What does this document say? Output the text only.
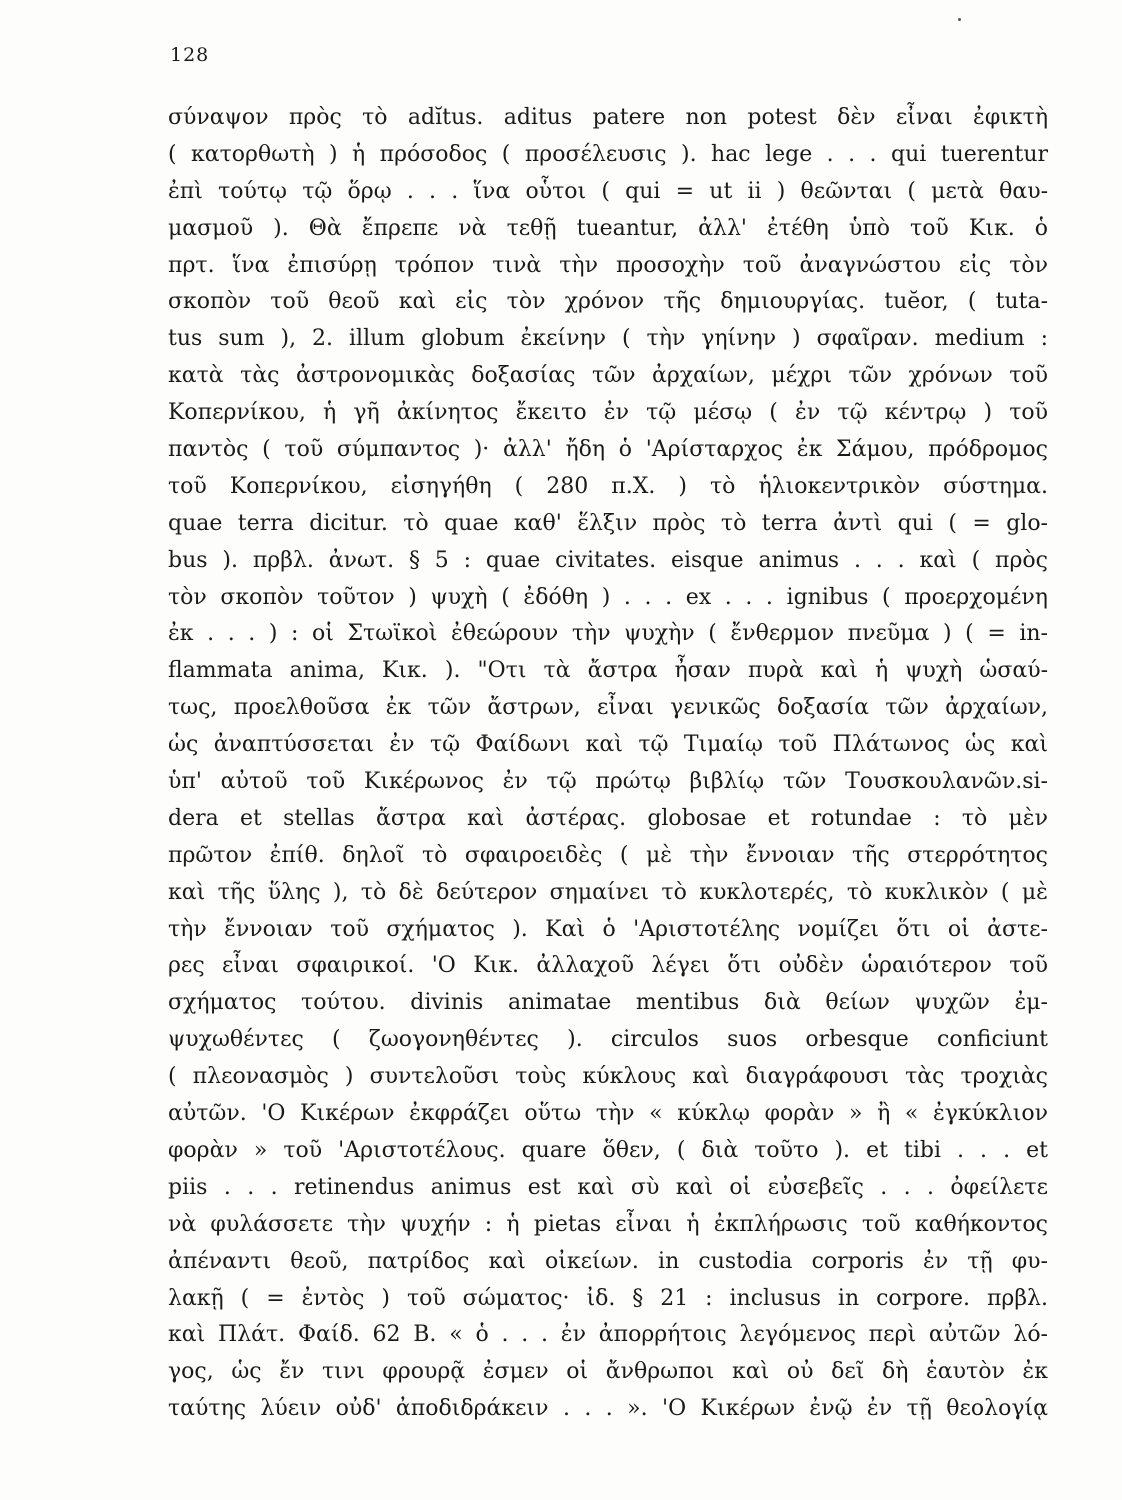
128
σύναψον πρὸς τὸ adĭtus. aditus patere non potest δὲν εἶναι ἐφικτὴ
( κατορθωτὴ ) ἡ πρόσοδος ( προσέλευσις ). hac lege . . . qui tuerentur
ἐπὶ τούτῳ τῷ ὅρῳ . . . ἵνα οὗτοι ( qui = ut ii ) θεῶνται ( μετὰ θαυ-
μασμοῦ ). Θὰ ἔπρεπε νὰ τεθῇ tueantur, ἀλλ' ἐτέθη ὑπὸ τοῦ Κικ. ὁ
πρτ. ἵνα ἐπισύρῃ τρόπον τινὰ τὴν προσοχὴν τοῦ ἀναγνώστου εἰς τὸν
σκοπὸν τοῦ θεοῦ καὶ εἰς τὸν χρόνον τῆς δημιουργίας. tuĕor, ( tuta-
tus sum ), 2. illum globum ἐκείνην ( τὴν γηίνην ) σφαῖραν. medium :
κατὰ τὰς ἀστρονομικὰς δοξασίας τῶν ἀρχαίων, μέχρι τῶν χρόνων τοῦ
Κοπερνίκου, ἡ γῆ ἀκίνητος ἔκειτο ἐν τῷ μέσῳ ( ἐν τῷ κέντρῳ ) τοῦ
παντὸς ( τοῦ σύμπαντος )· ἀλλ' ἤδη ὁ 'Αρίσταρχος ἐκ Σάμου, πρόδρομος
τοῦ Κοπερνίκου, εἰσηγήθη ( 280 π.Χ. ) τὸ ἡλιοκεντρικὸν σύστημα.
quae terra dicitur. τὸ quae καθ' ἕλξιν πρὸς τὸ terra ἀντὶ qui ( = glo-
bus ). πρβλ. ἀνωτ. § 5 : quae civitates. eisque animus . . . καὶ ( πρὸς
τὸν σκοπὸν τοῦτον ) ψυχὴ ( ἐδόθη ) . . . ex . . . ignibus ( προερχομένη
ἐκ . . . ) : οἱ Στωϊκοὶ ἐθεώρουν τὴν ψυχὴν ( ἔνθερμον πνεῦμα ) ( = in-
flammata anima, Κικ. ). "Οτι τὰ ἄστρα ἦσαν πυρὰ καὶ ἡ ψυχὴ ὡσαύ-
τως, προελθοῦσα ἐκ τῶν ἄστρων, εἶναι γενικῶς δοξασία τῶν ἀρχαίων,
ὡς ἀναπτύσσεται ἐν τῷ Φαίδωνι καὶ τῷ Τιμαίῳ τοῦ Πλάτωνος ὡς καὶ
ὑπ' αὐτοῦ τοῦ Κικέρωνος ἐν τῷ πρώτῳ βιβλίῳ τῶν Τουσκουλανῶν.si-
dera et stellas ἄστρα καὶ ἀστέρας. globosae et rotundae : τὸ μὲν
πρῶτον ἐπίθ. δηλοῖ τὸ σφαιροειδὲς ( μὲ τὴν ἔννοιαν τῆς στερρότητος
καὶ τῆς ὕλης ), τὸ δὲ δεύτερον σημαίνει τὸ κυκλοτερές, τὸ κυκλικὸν ( μὲ
τὴν ἔννοιαν τοῦ σχήματος ). Καὶ ὁ 'Αριστοτέλης νομίζει ὅτι οἱ ἀστε-
ρες εἶναι σφαιρικοί. 'Ο Κικ. ἀλλαχοῦ λέγει ὅτι οὐδὲν ὡραιότερον τοῦ
σχήματος τούτου. divinis animatae mentibus διὰ θείων ψυχῶν ἐμ-
ψυχωθέντες ( ζωογονηθέντες ). circulos suos orbesque conficiunt
( πλεονασμὸς ) συντελοῦσι τοὺς κύκλους καὶ διαγράφουσι τὰς τροχιὰς
αὐτῶν. 'Ο Κικέρων ἐκφράζει οὕτω τὴν « κύκλῳ φορὰν » ἢ « ἐγκύκλιον
φορὰν » τοῦ 'Αριστοτέλους. quare ὅθεν, ( διὰ τοῦτο ). et tibi . . . et
piis . . . retinendus animus est καὶ σὺ καὶ οἱ εὐσεβεῖς . . . ὀφείλετε
νὰ φυλάσσετε τὴν ψυχήν : ἡ pietas εἶναι ἡ ἐκπλήρωσις τοῦ καθήκοντος
ἀπέναντι θεοῦ, πατρίδος καὶ οἰκείων. in custodia corporis ἐν τῇ φυ-
λακῇ ( = ἐντὸς ) τοῦ σώματος· ἰδ. § 21 : inclusus in corpore. πρβλ.
καὶ Πλάτ. Φαίδ. 62 Β. « ὁ . . . ἐν ἀπορρήτοις λεγόμενος περὶ αὐτῶν λό-
γος, ὡς ἔν τινι φρουρᾷ ἐσμεν οἱ ἄνθρωποι καὶ οὐ δεῖ δὴ ἑαυτὸν ἐκ
ταύτης λύειν οὐδ' ἀποδιδράκειν . . . ». 'Ο Κικέρων ἐνῷ ἐν τῇ θεολογίᾳ
